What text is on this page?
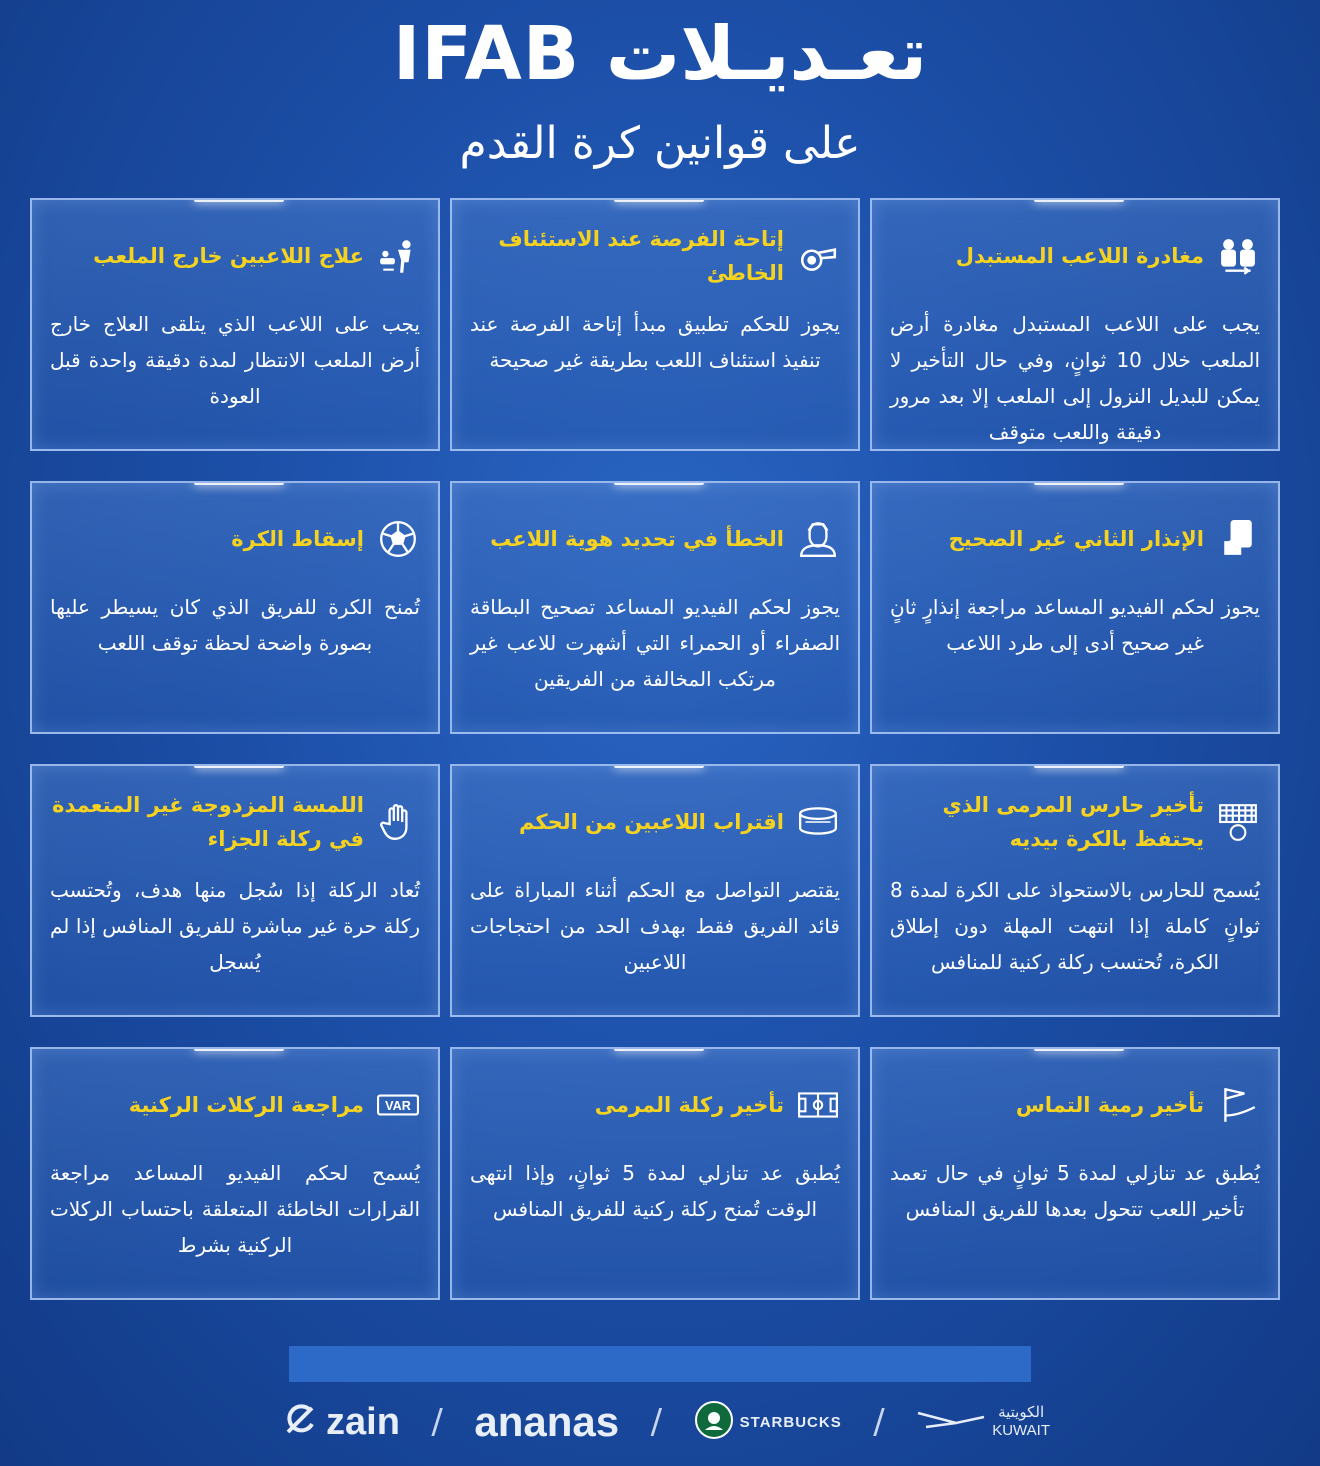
تعـديـلات IFAB
على قوانين كرة القدم
مغادرة اللاعب المستبدل
يجب على اللاعب المستبدل مغادرة أرض الملعب خلال 10 ثوانٍ، وفي حال التأخير لا يمكن للبديل النزول إلى الملعب إلا بعد مرور دقيقة واللعب متوقف
إتاحة الفرصة عند الاستئناف الخاطئ
يجوز للحكم تطبيق مبدأ إتاحة الفرصة عند تنفيذ استئناف اللعب بطريقة غير صحيحة
علاج اللاعبين خارج الملعب
يجب على اللاعب الذي يتلقى العلاج خارج أرض الملعب الانتظار لمدة دقيقة واحدة قبل العودة
الإنذار الثاني غير الصحيح
يجوز لحكم الفيديو المساعد مراجعة إنذارٍ ثانٍ غير صحيح أدى إلى طرد اللاعب
الخطأ في تحديد هوية اللاعب
يجوز لحكم الفيديو المساعد تصحيح البطاقة الصفراء أو الحمراء التي أشهرت للاعب غير مرتكب المخالفة من الفريقين
إسقاط الكرة
تُمنح الكرة للفريق الذي كان يسيطر عليها بصورة واضحة لحظة توقف اللعب
تأخير حارس المرمى الذي يحتفظ بالكرة بيديه
يُسمح للحارس بالاستحواذ على الكرة لمدة 8 ثوانٍ كاملة إذا انتهت المهلة دون إطلاق الكرة، تُحتسب ركلة ركنية للمنافس
اقتراب اللاعبين من الحكم
يقتصر التواصل مع الحكم أثناء المباراة على قائد الفريق فقط بهدف الحد من احتجاجات اللاعبين
اللمسة المزدوجة غير المتعمدة في ركلة الجزاء
تُعاد الركلة إذا سُجل منها هدف، وتُحتسب ركلة حرة غير مباشرة للفريق المنافس إذا لم يُسجل
تأخير رمية التماس
يُطبق عد تنازلي لمدة 5 ثوانٍ في حال تعمد تأخير اللعب تتحول بعدها للفريق المنافس
تأخير ركلة المرمى
يُطبق عد تنازلي لمدة 5 ثوانٍ، وإذا انتهى الوقت تُمنح ركلة ركنية للفريق المنافس
VAR
مراجعة الركلات الركنية
يُسمح لحكم الفيديو المساعد مراجعة القرارات الخاطئة المتعلقة باحتساب الركلات الركنية بشرط
zain / ananas /	STARBUCKS /	الكويتية
KUWAIT
